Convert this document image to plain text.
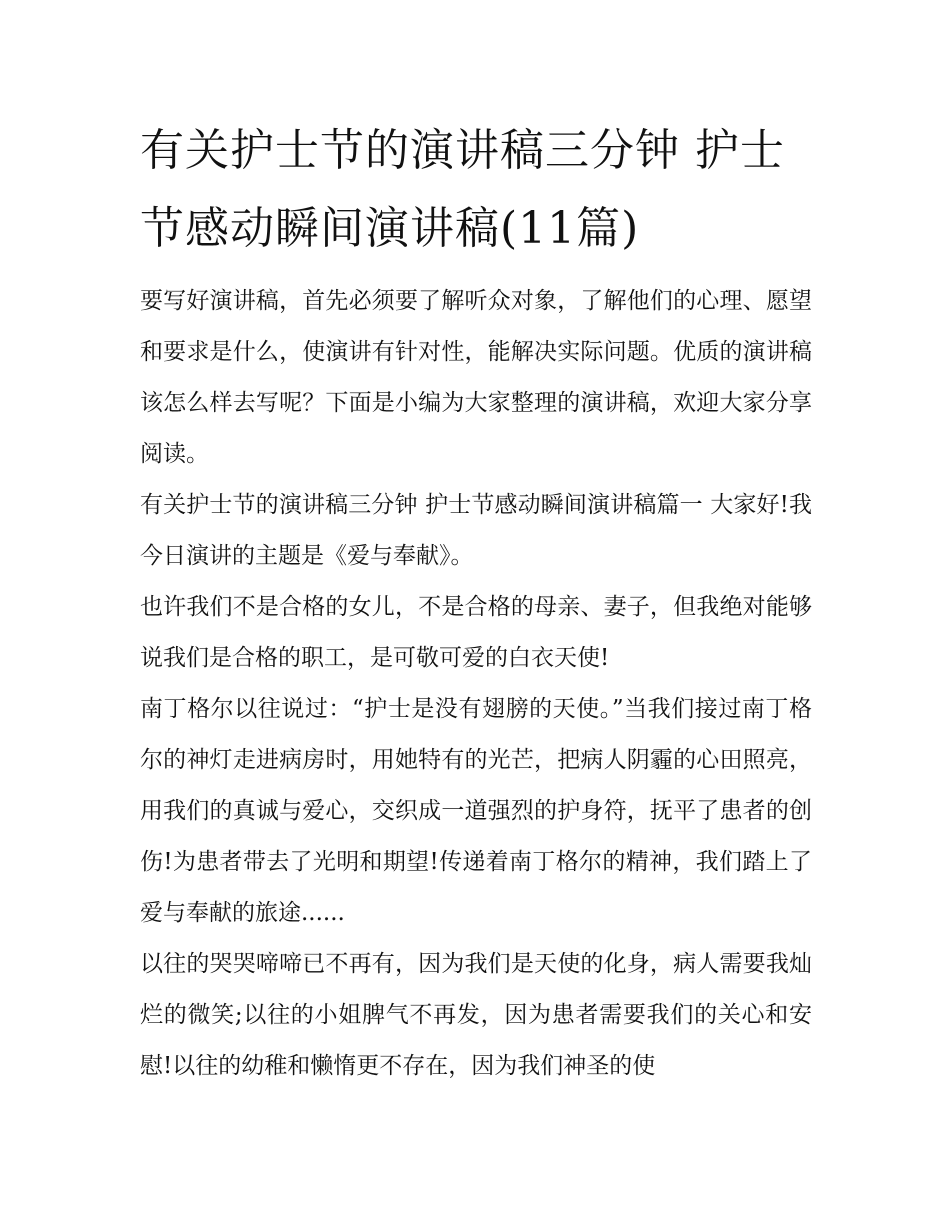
有关护士节的演讲稿三分钟 护士节感动瞬间演讲稿(11篇)

要写好演讲稿，首先必须要了解听众对象，了解他们的心理、愿望和要求是什么，使演讲有针对性，能解决实际问题。优质的演讲稿该怎么样去写呢？下面是小编为大家整理的演讲稿，欢迎大家分享阅读。

有关护士节的演讲稿三分钟 护士节感动瞬间演讲稿篇一 大家好!我今日演讲的主题是《爱与奉献》。

也许我们不是合格的女儿，不是合格的母亲、妻子，但我绝对能够说我们是合格的职工，是可敬可爱的白衣天使!

南丁格尔以往说过：“护士是没有翅膀的天使。”当我们接过南丁格尔的神灯走进病房时，用她特有的光芒，把病人阴霾的心田照亮，用我们的真诚与爱心，交织成一道强烈的护身符，抚平了患者的创伤!为患者带去了光明和期望!传递着南丁格尔的精神，我们踏上了爱与奉献的旅途......

以往的哭哭啼啼已不再有，因为我们是天使的化身，病人需要我灿烂的微笑;以往的小姐脾气不再发，因为患者需要我们的关心和安慰!以往的幼稚和懒惰更不存在，因为我们神圣的使
